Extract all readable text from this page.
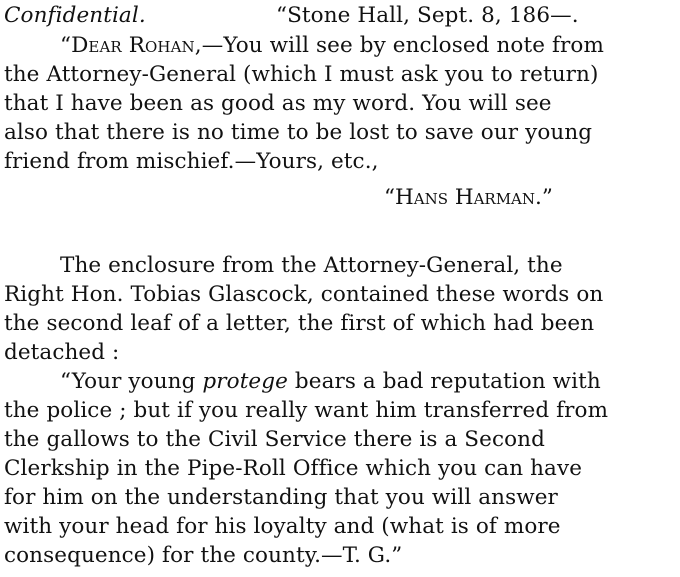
Confidential.	“Stone Hall, Sept. 8, 186—.
“Dear Rohan,—You will see by enclosed note from
the Attorney-General (which I must ask you to return)
that I have been as good as my word. You will see
also that there is no time to be lost to save our young
friend from mischief.—Yours, etc.,
“Hans Harman.”
The enclosure from the Attorney-General, the
Right Hon. Tobias Glascock, contained these words on
the second leaf of a letter, the first of which had been
detached :
“Your young protege bears a bad reputation with
the police ; but if you really want him transferred from
the gallows to the Civil Service there is a Second
Clerkship in the Pipe-Roll Office which you can have
for him on the understanding that you will answer
with your head for his loyalty and (what is of more
consequence) for the county.—T. G.”
